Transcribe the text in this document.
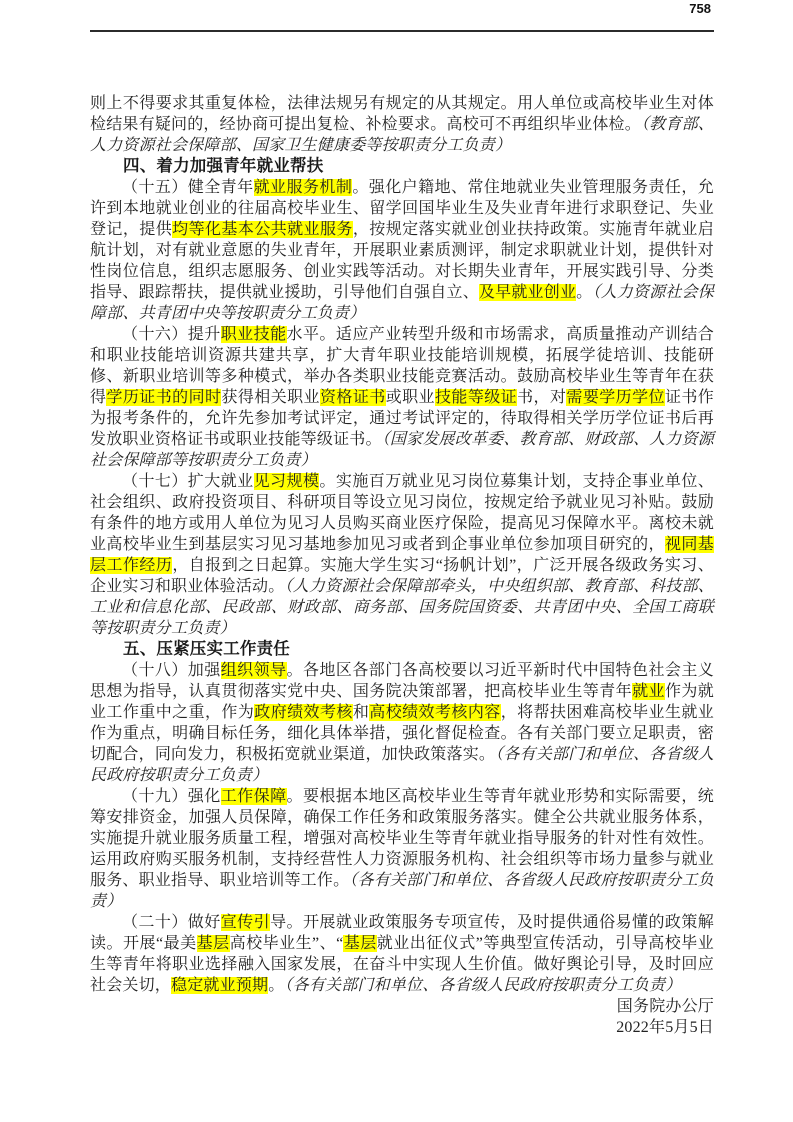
758

则上不得要求其重复体检，法律法规另有规定的从其规定。用人单位或高校毕业生对体检结果有疑问的，经协商可提出复检、补检要求。高校可不再组织毕业体检。（教育部、人力资源社会保障部、国家卫生健康委等按职责分工负责）

四、着力加强青年就业帮扶

（十五）健全青年就业服务机制。强化户籍地、常住地就业失业管理服务责任，允许到本地就业创业的往届高校毕业生、留学回国毕业生及失业青年进行求职登记、失业登记，提供均等化基本公共就业服务，按规定落实就业创业扶持政策。实施青年就业启航计划，对有就业意愿的失业青年，开展职业素质测评，制定求职就业计划，提供针对性岗位信息，组织志愿服务、创业实践等活动。对长期失业青年，开展实践引导、分类指导、跟踪帮扶，提供就业援助，引导他们自强自立、及早就业创业。（人力资源社会保障部、共青团中央等按职责分工负责）

（十六）提升职业技能水平。适应产业转型升级和市场需求，高质量推动产训结合和职业技能培训资源共建共享，扩大青年职业技能培训规模，拓展学徒培训、技能研修、新职业培训等多种模式，举办各类职业技能竞赛活动。鼓励高校毕业生等青年在获得学历证书的同时获得相关职业资格证书或职业技能等级证书，对需要学历学位证书作为报考条件的，允许先参加考试评定，通过考试评定的，待取得相关学历学位证书后再发放职业资格证书或职业技能等级证书。（国家发展改革委、教育部、财政部、人力资源社会保障部等按职责分工负责）

（十七）扩大就业见习规模。实施百万就业见习岗位募集计划，支持企事业单位、社会组织、政府投资项目、科研项目等设立见习岗位，按规定给予就业见习补贴。鼓励有条件的地方或用人单位为见习人员购买商业医疗保险，提高见习保障水平。离校未就业高校毕业生到基层实习见习基地参加见习或者到企事业单位参加项目研究的，视同基层工作经历，自报到之日起算。实施大学生实习“扬帆计划”，广泛开展各级政务实习、企业实习和职业体验活动。（人力资源社会保障部牵头，中央组织部、教育部、科技部、工业和信息化部、民政部、财政部、商务部、国务院国资委、共青团中央、全国工商联等按职责分工负责）

五、压紧压实工作责任

（十八）加强组织领导。各地区各部门各高校要以习近平新时代中国特色社会主义思想为指导，认真贯彻落实党中央、国务院决策部署，把高校毕业生等青年就业作为就业工作重中之重，作为政府绩效考核和高校绩效考核内容，将帮扶困难高校毕业生就业作为重点，明确目标任务，细化具体举措，强化督促检查。各有关部门要立足职责，密切配合，同向发力，积极拓宽就业渠道，加快政策落实。（各有关部门和单位、各省级人民政府按职责分工负责）

（十九）强化工作保障。要根据本地区高校毕业生等青年就业形势和实际需要，统筹安排资金，加强人员保障，确保工作任务和政策服务落实。健全公共就业服务体系，实施提升就业服务质量工程，增强对高校毕业生等青年就业指导服务的针对性有效性。运用政府购买服务机制，支持经营性人力资源服务机构、社会组织等市场力量参与就业服务、职业指导、职业培训等工作。（各有关部门和单位、各省级人民政府按职责分工负责）

（二十）做好宣传引导。开展就业政策服务专项宣传，及时提供通俗易懂的政策解读。开展“最美基层高校毕业生”、“基层就业出征仪式”等典型宣传活动，引导高校毕业生等青年将职业选择融入国家发展，在奋斗中实现人生价值。做好舆论引导，及时回应社会关切，稳定就业预期。（各有关部门和单位、各省级人民政府按职责分工负责）

国务院办公厅
2022年5月5日
